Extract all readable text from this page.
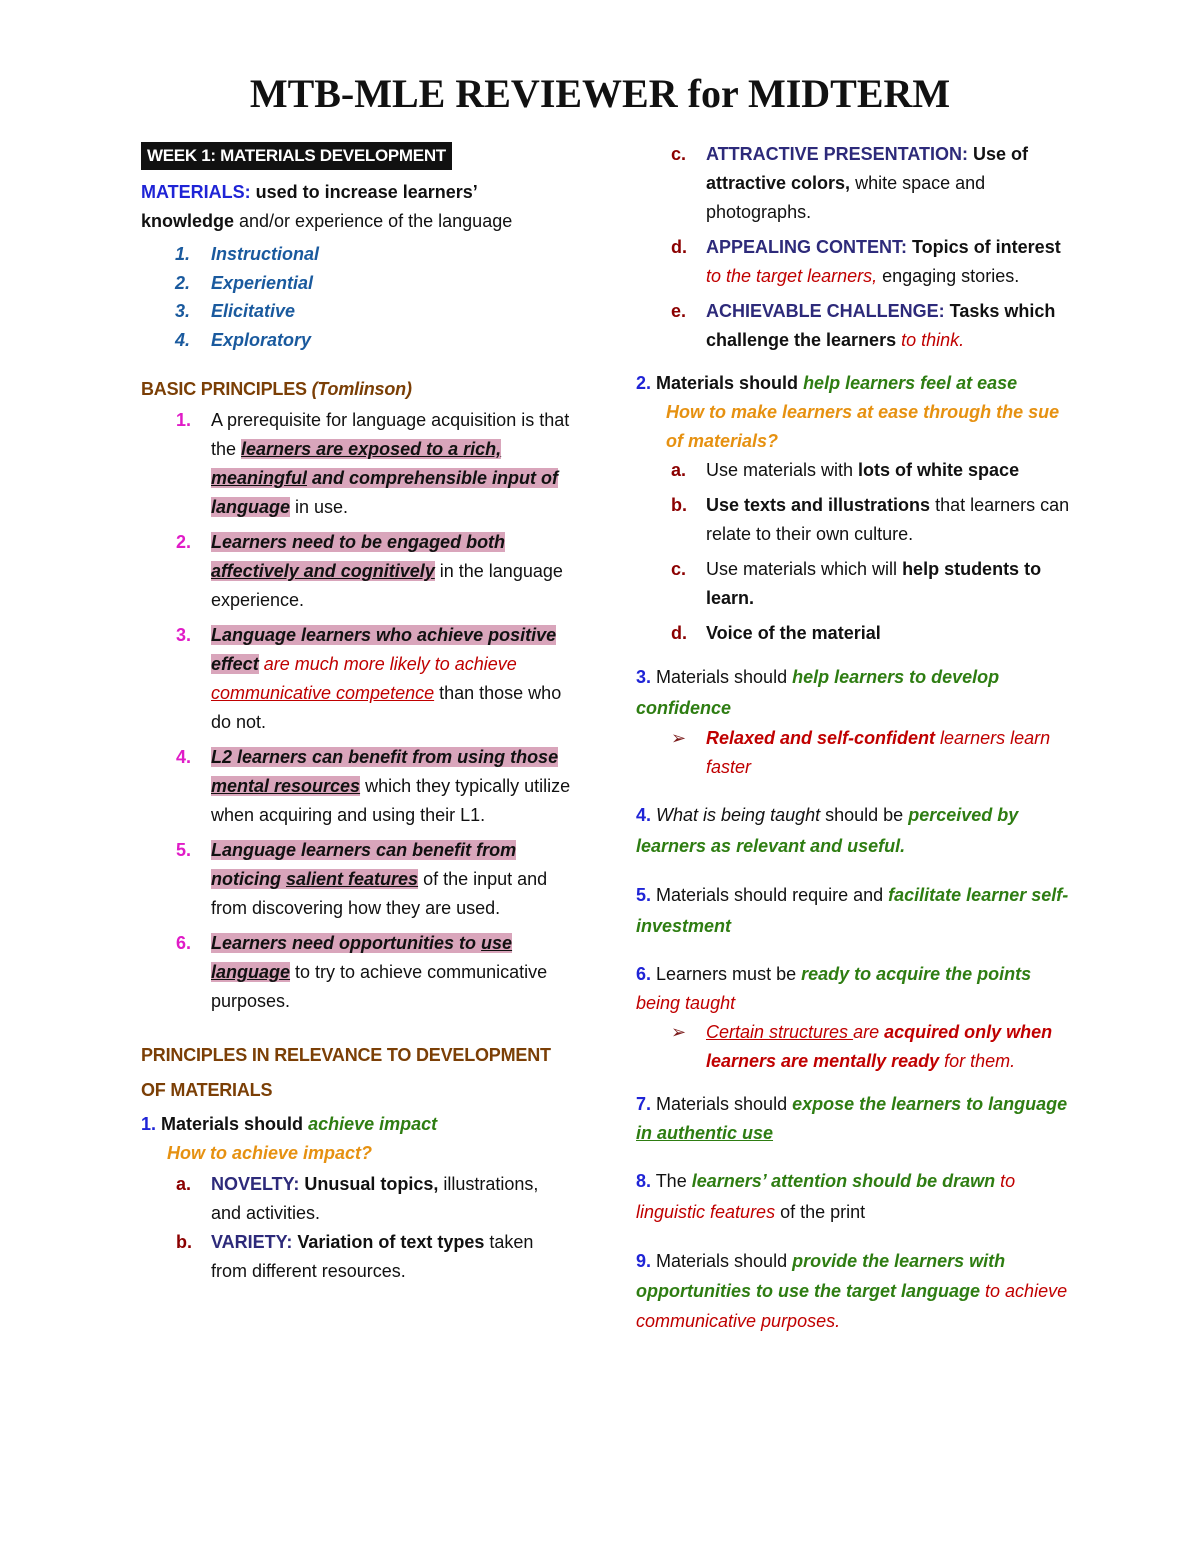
MTB-MLE REVIEWER for MIDTERM
WEEK 1: MATERIALS DEVELOPMENT
MATERIALS: used to increase learners’ knowledge and/or experience of the language
1. Instructional
2. Experiential
3. Elicitative
4. Exploratory
BASIC PRINCIPLES (Tomlinson)
1. A prerequisite for language acquisition is that the learners are exposed to a rich, meaningful and comprehensible input of language in use.
2. Learners need to be engaged both affectively and cognitively in the language experience.
3. Language learners who achieve positive effect are much more likely to achieve communicative competence than those who do not.
4. L2 learners can benefit from using those mental resources which they typically utilize when acquiring and using their L1.
5. Language learners can benefit from noticing salient features of the input and from discovering how they are used.
6. Learners need opportunities to use language to try to achieve communicative purposes.
PRINCIPLES IN RELEVANCE TO DEVELOPMENT OF MATERIALS
1. Materials should achieve impact
How to achieve impact?
a. NOVELTY: Unusual topics, illustrations, and activities.
b. VARIETY: Variation of text types taken from different resources.
c. ATTRACTIVE PRESENTATION: Use of attractive colors, white space and photographs.
d. APPEALING CONTENT: Topics of interest to the target learners, engaging stories.
e. ACHIEVABLE CHALLENGE: Tasks which challenge the learners to think.
2. Materials should help learners feel at ease
How to make learners at ease through the sue of materials?
a. Use materials with lots of white space
b. Use texts and illustrations that learners can relate to their own culture.
c. Use materials which will help students to learn.
d. Voice of the material
3. Materials should help learners to develop confidence
➢ Relaxed and self-confident learners learn faster
4. What is being taught should be perceived by learners as relevant and useful.
5. Materials should require and facilitate learner self-investment
6. Learners must be ready to acquire the points being taught
➢ Certain structures are acquired only when learners are mentally ready for them.
7. Materials should expose the learners to language in authentic use
8. The learners’ attention should be drawn to linguistic features of the print
9. Materials should provide the learners with opportunities to use the target language to achieve communicative purposes.
